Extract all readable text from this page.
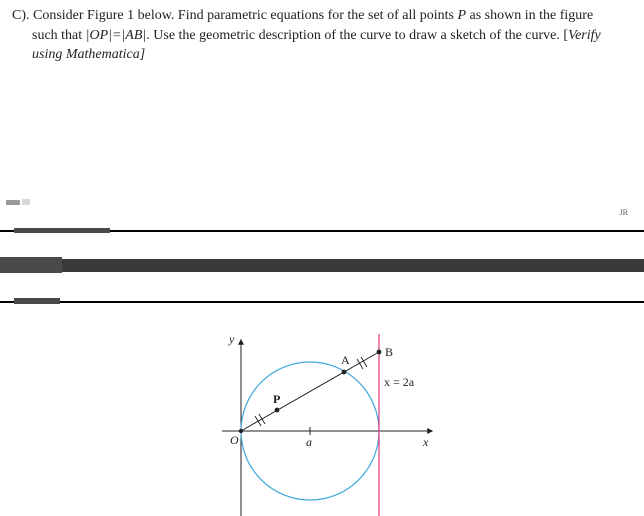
C). Consider Figure 1 below. Find parametric equations for the set of all points P as shown in the figure
such that |OP|=|AB|. Use the geometric description of the curve to draw a sketch of the curve. [Verify
using Mathematica]
JR
y
x
O	a
P
A
B
x = 2a
